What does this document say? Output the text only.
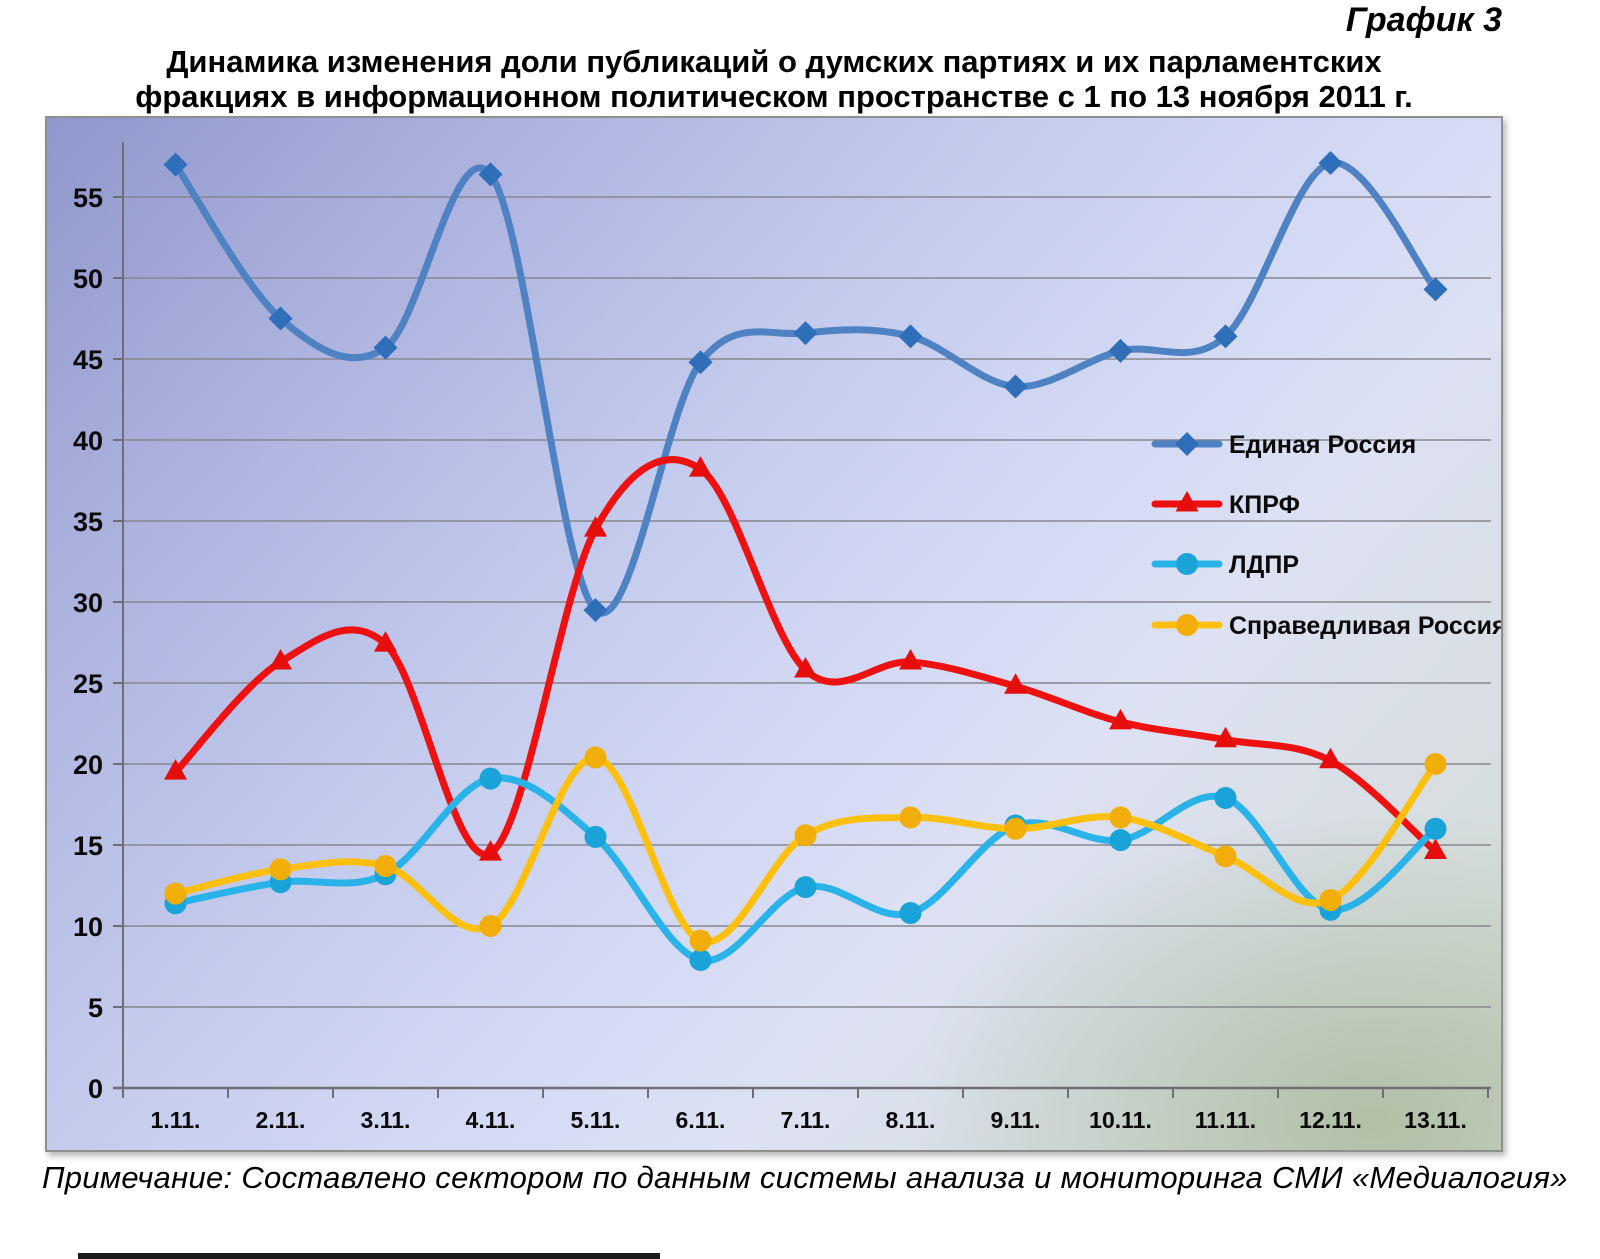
График 3
Динамика изменения доли публикаций о думских партиях и их парламентских
фракциях в информационном политическом пространстве с 1 по 13 ноября 2011 г.
0
5
10
15
20
25
30
35
40
45
50
55
1.11. 2.11. 3.11. 4.11. 5.11. 6.11. 7.11. 8.11. 9.11. 10.11. 11.11. 12.11. 13.11.
Единая Россия
КПРФ
ЛДПР
Справедливая Россия
Примечание: Составлено сектором по данным системы анализа и мониторинга СМИ «Медиалогия»
